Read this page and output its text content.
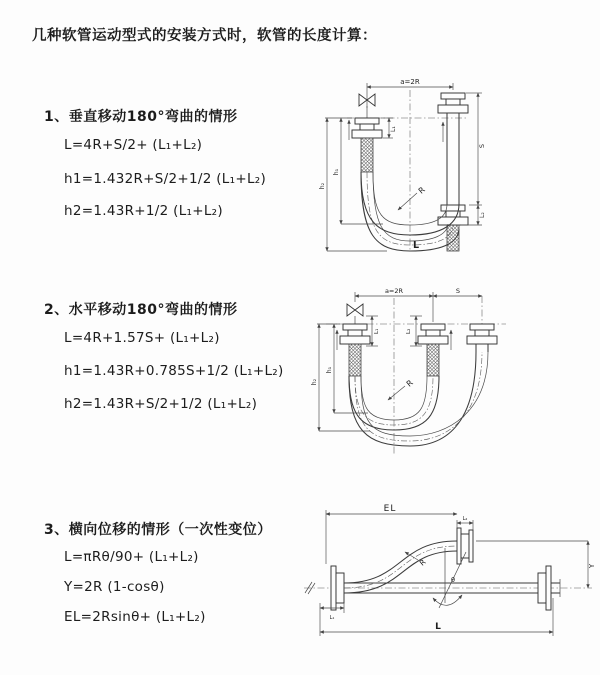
几种软管运动型式的安装方式时，软管的长度计算：
1、垂直移动180°弯曲的情形
L=4R+S/2+ (L₁+L₂)
h1=1.432R+S/2+1/2 (L₁+L₂)
h2=1.43R+1/2 (L₁+L₂)
a=2R
L₁
S
L₂
h₁
h₂	R
L
2、水平移动180°弯曲的情形
L=4R+1.57S+ (L₁+L₂)
h1=1.43R+0.785S+1/2 (L₁+L₂)
h2=1.43R+S/2+1/2 (L₁+L₂)
a=2R	S
L₁	L₂
h₁
h₂	R
3、横向位移的情形（一次性变位）
L=πRθ/90+ (L₁+L₂)
Y=2R (1-cosθ)
EL=2Rsinθ+ (L₁+L₂)
EL
L₂
Y
R
θ
L₁
L
